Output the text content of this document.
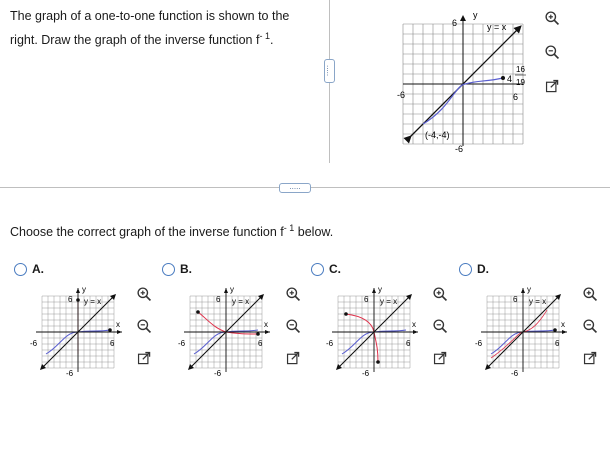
The graph of a one-to-one function is shown to the
right. Draw the graph of the inverse function $f^{- 1}$.
.....
y
6	y = x
-6
-6
6
(-4,-4)
4
16
19
.....
Choose the correct graph of the inverse function $f^{- 1}$ below.
A.	B.	C.	D.
y
6 y = x
x
-6	6
-6
y
6 y = x
x
-6	6
-6
y
6 y = x
x
-6	6
-6
y
6 y = x
x
-6	6
-6
